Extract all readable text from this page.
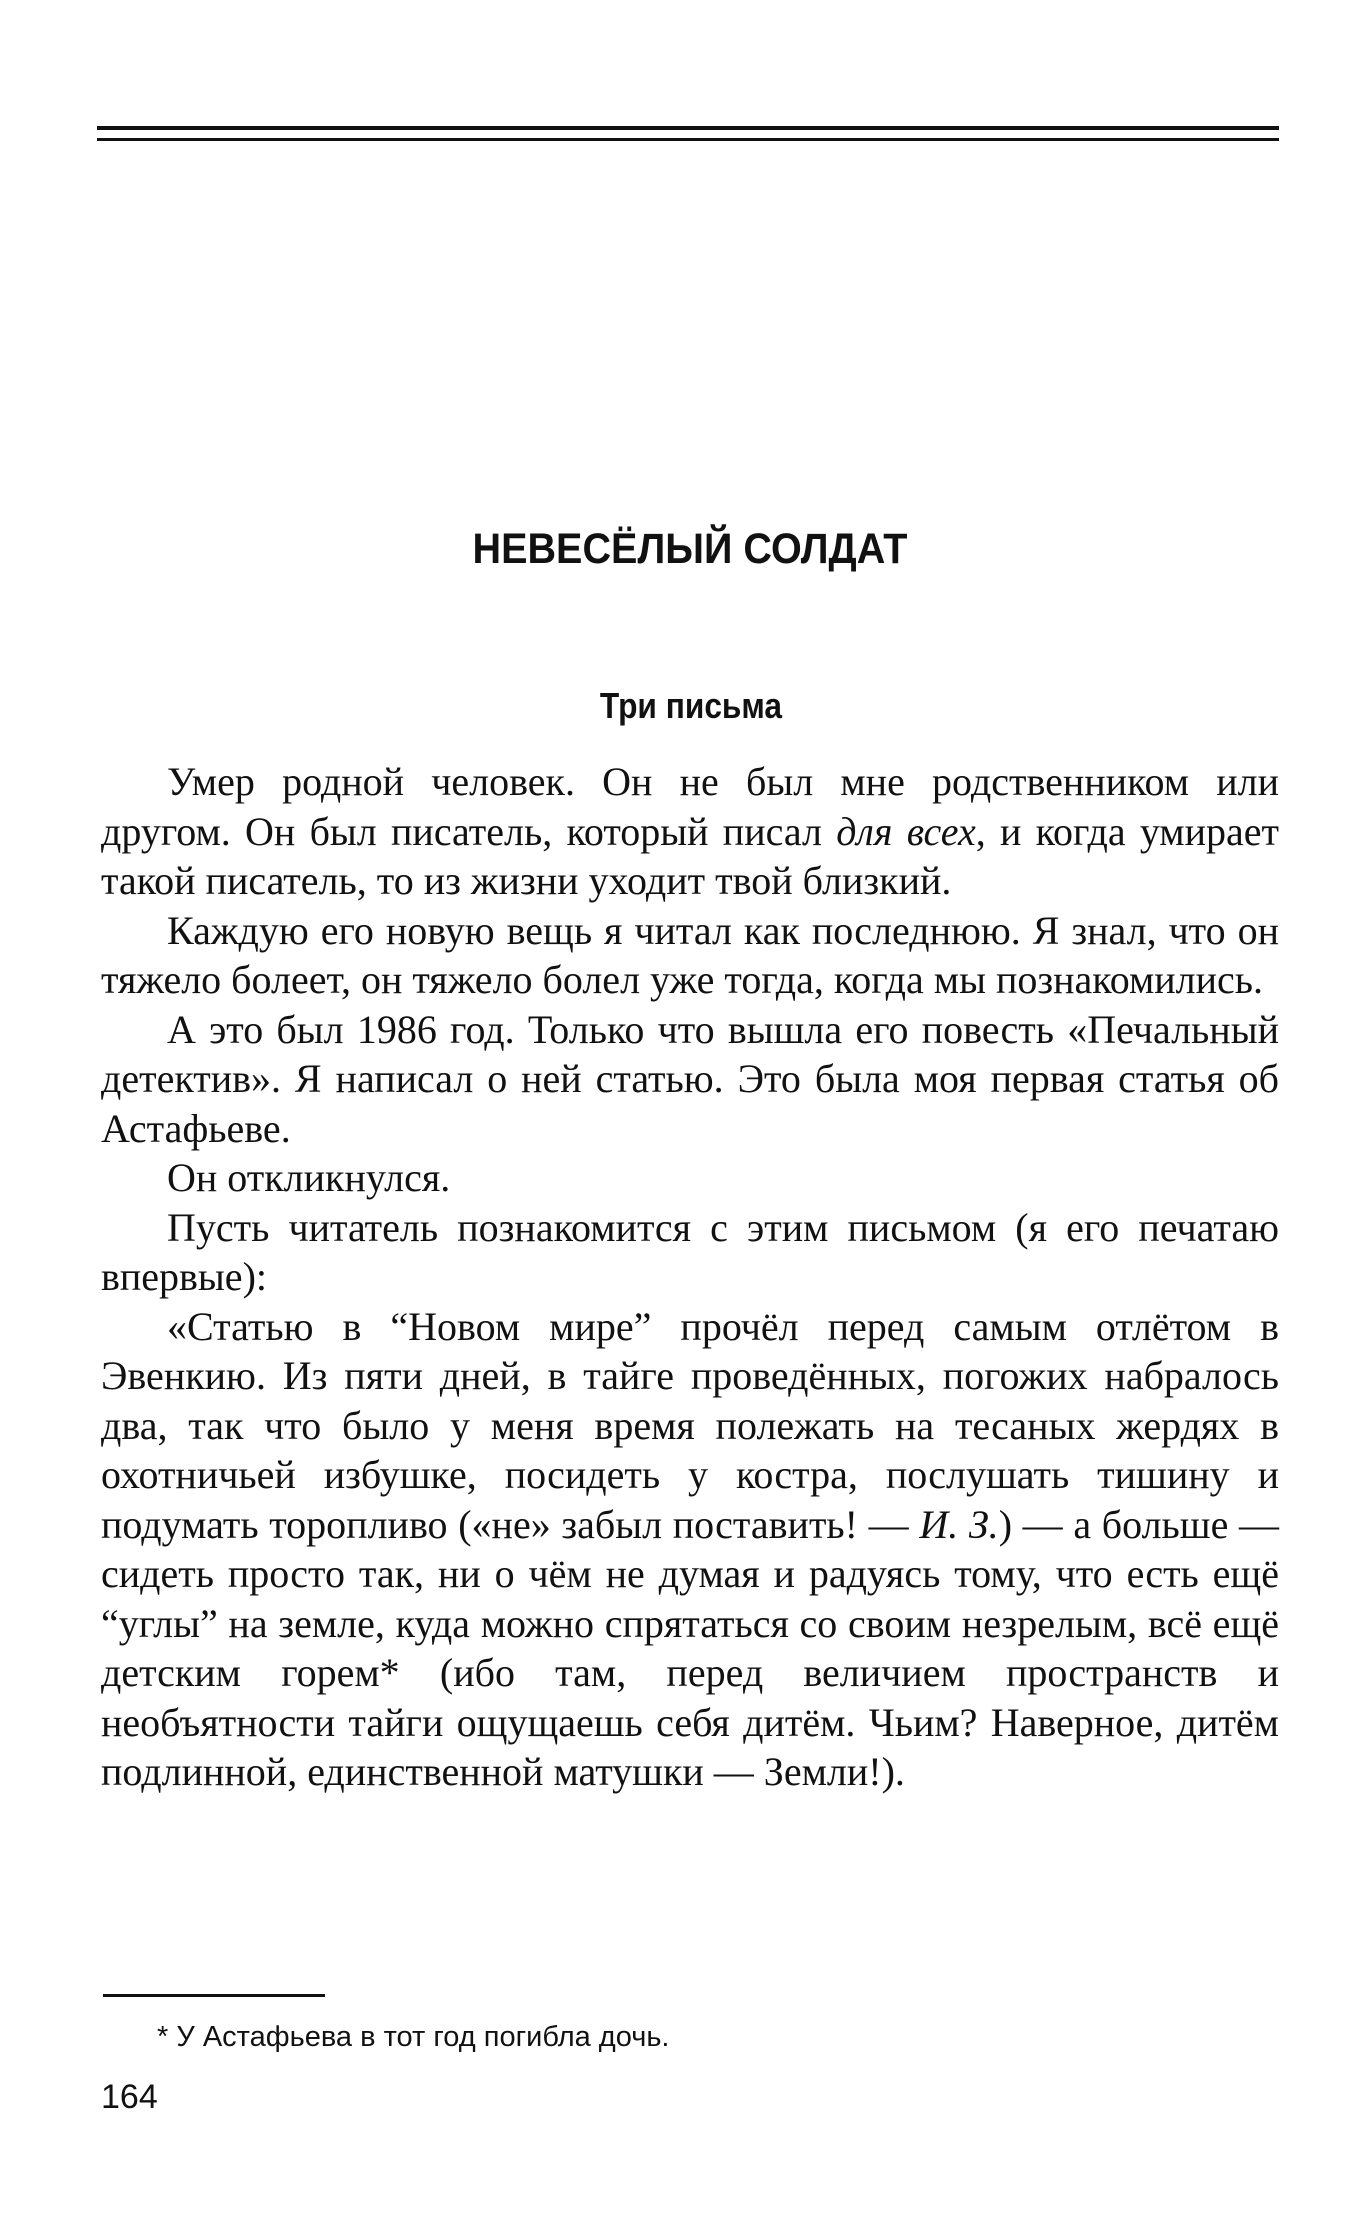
НЕВЕСЁЛЫЙ СОЛДАТ
Три письма

Умер родной человек. Он не был мне родственником или другом. Он был писатель, который писал для всех, и когда умирает такой писатель, то из жизни уходит твой близкий.

Каждую его новую вещь я читал как последнюю. Я знал, что он тяжело болеет, он тяжело болел уже тогда, когда мы познакомились.

А это был 1986 год. Только что вышла его повесть «Печальный детектив». Я написал о ней статью. Это была моя первая статья об Астафьеве.

Он откликнулся.

Пусть читатель познакомится с этим письмом (я его печатаю впервые):

«Статью в “Новом мире” прочёл перед самым отлётом в Эвенкию. Из пяти дней, в тайге проведённых, погожих набралось два, так что было у меня время полежать на тесаных жердях в охотничьей избушке, посидеть у костра, послушать тишину и подумать торопливо («не» забыл поставить! — И. З.) — а больше — сидеть просто так, ни о чём не думая и радуясь тому, что есть ещё “углы” на земле, куда можно спрятаться со своим незрелым, всё ещё детским горем* (ибо там, перед величием пространств и необъятности тайги ощущаешь себя дитём. Чьим? Наверное, дитём подлинной, единственной матушки — Земли!).

* У Астафьева в тот год погибла дочь.
164
